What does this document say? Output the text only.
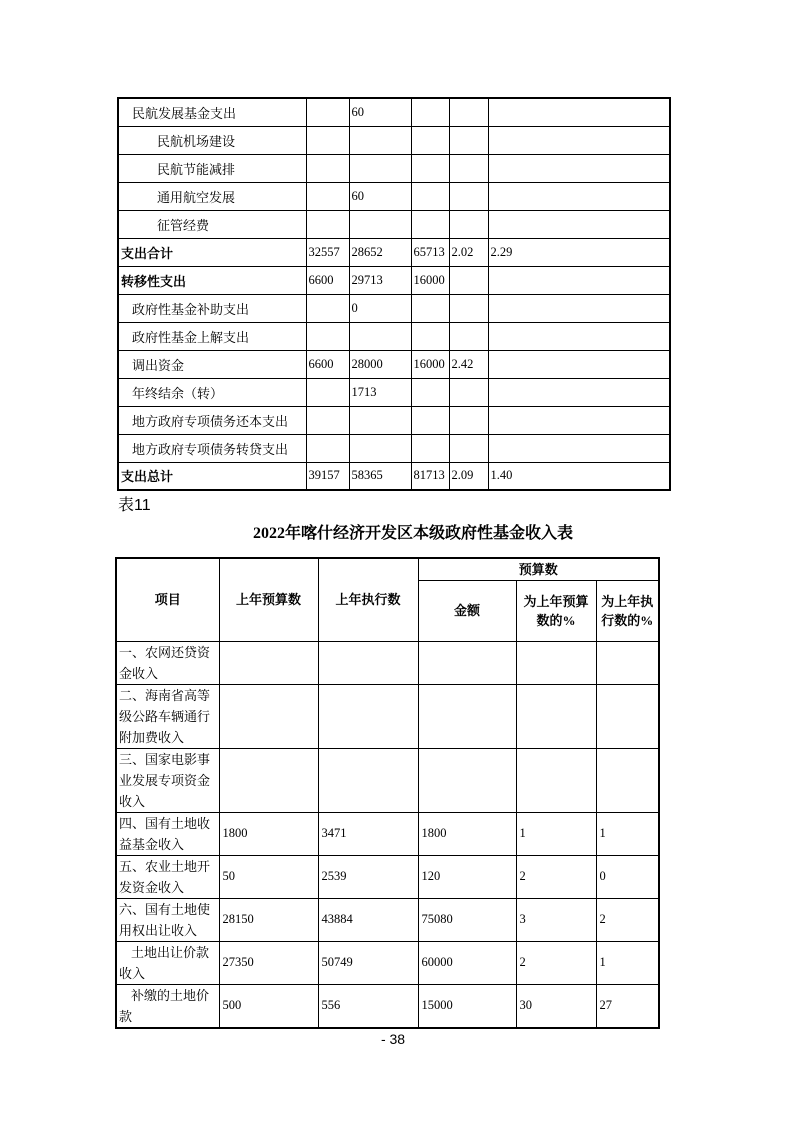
民航发展基金支出		60			
民航机场建设					
民航节能减排					
通用航空发展		60			
征管经费					
支出合计	32557	28652	65713	2.02	2.29
转移性支出	6600	29713	16000		
政府性基金补助支出		0			
政府性基金上解支出					
调出资金	6600	28000	16000	2.42	
年终结余（转）		1713			
地方政府专项债务还本支出					
地方政府专项债务转贷支出					
支出总计	39157	58365	81713	2.09	1.40
表11
2022年喀什经济开发区本级政府性基金收入表
项目	上年预算数	上年执行数	预算数		
			金额	为上年预算数的%	为上年执行数的%
一、农网还贷资金收入					
二、海南省高等级公路车辆通行附加费收入					
三、国家电影事业发展专项资金收入					
四、国有土地收益基金收入	1800	3471	1800	1	1
五、农业土地开发资金收入	50	2539	120	2	0
六、国有土地使用权出让收入	28150	43884	75080	3	2
土地出让价款收入	27350	50749	60000	2	1
补缴的土地价款	500	556	15000	30	27
- 38
